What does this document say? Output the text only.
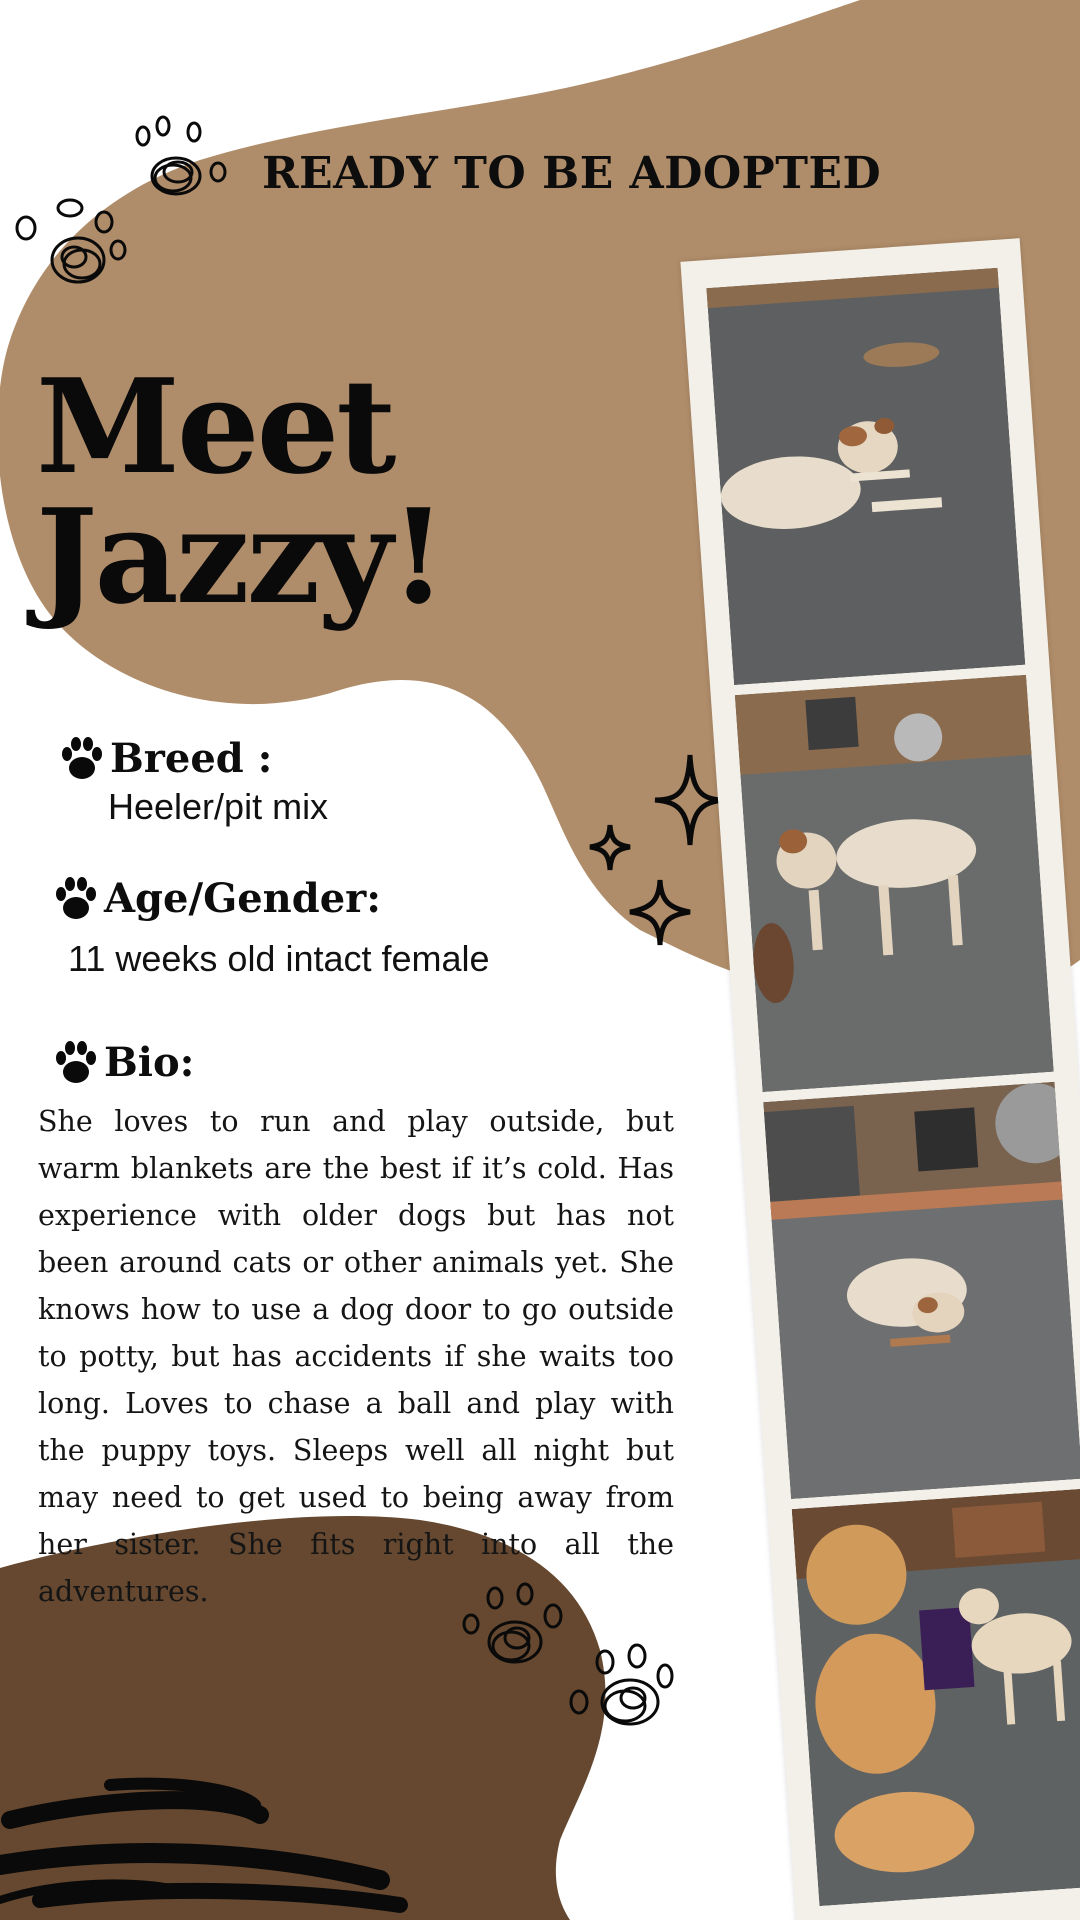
READY TO BE ADOPTED
Meet
Jazzy!
Breed :
Heeler/pit mix
Age/Gender:
11 weeks old intact female
Bio:
She loves to run and play outside, but warm blankets are the best if it’s cold. Has experience with older dogs but has not been around cats or other animals yet. She knows how to use a dog door to go outside to potty, but has accidents if she waits too long. Loves to chase a ball and play with the puppy toys. Sleeps well all night but may need to get used to being away from her sister. She fits right into all the adventures.
